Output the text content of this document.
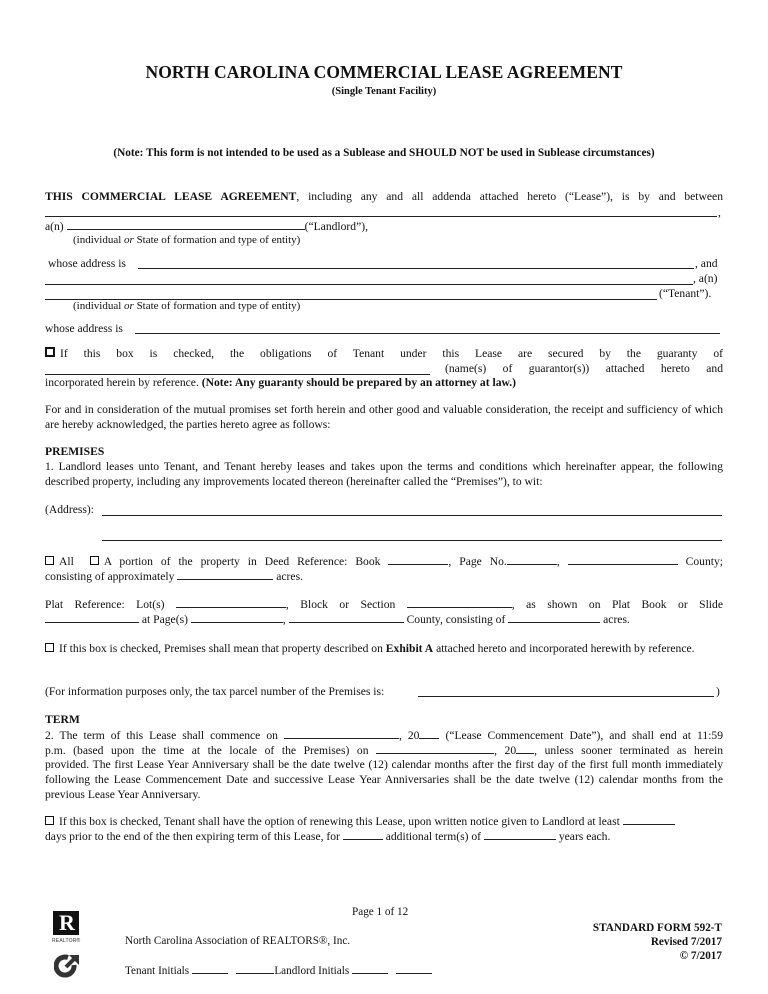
NORTH CAROLINA COMMERCIAL LEASE AGREEMENT
(Single Tenant Facility)
(Note: This form is not intended to be used as a Sublease and SHOULD NOT be used in Sublease circumstances)
THIS COMMERCIAL LEASE AGREEMENT, including any and all addenda attached hereto (“Lease”), is by and between
,
a(n)	(“Landlord”),
(individual or State of formation and type of entity)
whose address is	, and
, a(n)
(“Tenant”).
(individual or State of formation and type of entity)
whose address is
If this box is checked, the obligations of Tenant under this Lease are secured by the guaranty of
(name(s) of guarantor(s)) attached hereto and
incorporated herein by reference. (Note: Any guaranty should be prepared by an attorney at law.)
For and in consideration of the mutual promises set forth herein and other good and valuable consideration, the receipt and sufficiency of which are hereby acknowledged, the parties hereto agree as follows:
PREMISES
1. Landlord leases unto Tenant, and Tenant hereby leases and takes upon the terms and conditions which hereinafter appear, the following described property, including any improvements located thereon (hereinafter called the “Premises”), to wit:
(Address):
All	A portion of the property in Deed Reference: Book	, Page No.	,	County;
consisting of approximately	acres.
Plat Reference: Lot(s)	, Block or Section	, as shown on Plat Book or Slide
at Page(s)	,	County, consisting of	acres.
If this box is checked, Premises shall mean that property described on Exhibit A attached hereto and incorporated herewith by reference.
(For information purposes only, the tax parcel number of the Premises is:	)
TERM
2. The term of this Lease shall commence on	, 20 (“Lease Commencement Date”), and shall end at 11:59
p.m. (based upon the time at the locale of the Premises) on	, 20 , unless sooner terminated as herein
provided. The first Lease Year Anniversary shall be the date twelve (12) calendar months after the first day of the first full month immediately following the Lease Commencement Date and successive Lease Year Anniversaries shall be the date twelve (12) calendar months from the previous Lease Year Anniversary.
If this box is checked, Tenant shall have the option of renewing this Lease, upon written notice given to Landlord at least
days prior to the end of the then expiring term of this Lease, for	additional term(s) of	years each.
R
REALTOR®
Page 1 of 12
North Carolina Association of REALTORS®, Inc.
Tenant Initials	Landlord Initials
STANDARD FORM 592-T
Revised 7/2017
© 7/2017
